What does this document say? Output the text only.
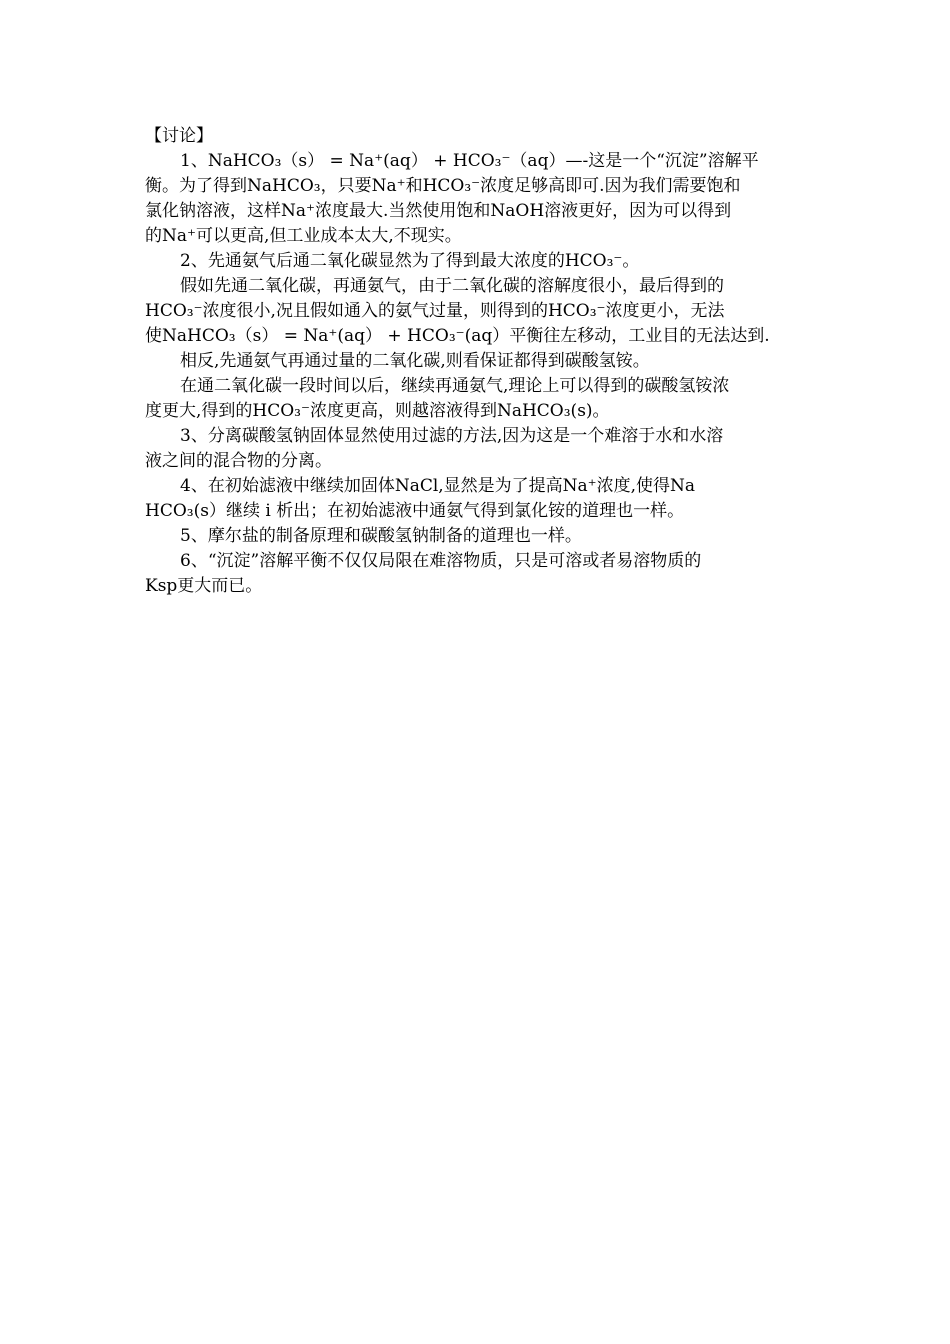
【讨论】
1、NaHCO₃（s） = Na⁺(aq） + HCO₃⁻（aq）—-这是一个“沉淀”溶解平
衡。为了得到NaHCO₃，只要Na⁺和HCO₃⁻浓度足够高即可.因为我们需要饱和
氯化钠溶液，这样Na⁺浓度最大.当然使用饱和NaOH溶液更好，因为可以得到
的Na⁺可以更高,但工业成本太大,不现实。
2、先通氨气后通二氧化碳显然为了得到最大浓度的HCO₃⁻。
假如先通二氧化碳，再通氨气，由于二氧化碳的溶解度很小，最后得到的
HCO₃⁻浓度很小,况且假如通入的氨气过量，则得到的HCO₃⁻浓度更小，无法
使NaHCO₃（s） = Na⁺(aq） + HCO₃⁻(aq）平衡往左移动，工业目的无法达到.
相反,先通氨气再通过量的二氧化碳,则看保证都得到碳酸氢铵。
在通二氧化碳一段时间以后，继续再通氨气,理论上可以得到的碳酸氢铵浓
度更大,得到的HCO₃⁻浓度更高，则越溶液得到NaHCO₃(s)。
3、分离碳酸氢钠固体显然使用过滤的方法,因为这是一个难溶于水和水溶
液之间的混合物的分离。
4、在初始滤液中继续加固体NaCl,显然是为了提高Na⁺浓度,使得Na
HCO₃(s）继续 i 析出；在初始滤液中通氨气得到氯化铵的道理也一样。
5、摩尔盐的制备原理和碳酸氢钠制备的道理也一样。
6、“沉淀”溶解平衡不仅仅局限在难溶物质，只是可溶或者易溶物质的
Ksp更大而已。
